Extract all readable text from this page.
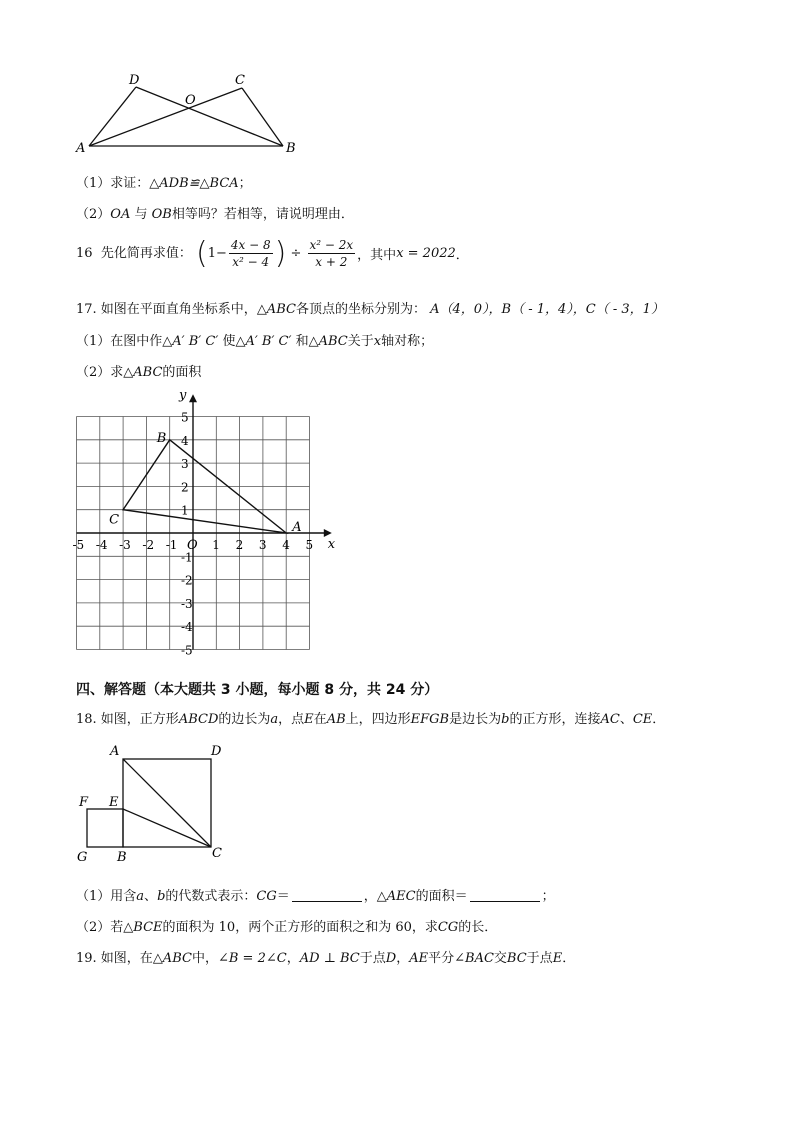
D	C
O
A	B
（1）求证：△ADB≌△BCA；
（2）OA 与 OB相等吗？若相等，请说明理由．
16 先化简再求值： ($1- \frac{4x - 8}{\text{x² − 4}}$ ) ÷ $\frac{\text{x² − 2x}}{x + 2}$ ，其中x = 2022．
17. 如图在平面直角坐标系中，△ABC各顶点的坐标分别为： A（4，0），B（ - 1，4），C（ - 3，1）
（1）在图中作△A′ B′ C′ 使△A′ B′ C′ 和△ABC关于x轴对称；
（2）求△ABC的面积
x
y
O
-5 -4 -3 -2 -1	1 2 3 4 5
5
4
3
2
1
-1
-2
-3
-4
-5
A
B
C
四、解答题（本大题共 3 小题，每小题 8 分，共 24 分）
18. 如图，正方形ABCD的边长为a，点E在AB上，四边形EFGB是边长为b的正方形，连接AC、CE．
A	D
F E
G B	C
（1）用含a、b的代数式表示：CG＝	，△AEC的面积＝	；
（2）若△BCE的面积为 10，两个正方形的面积之和为 60，求CG的长．
19. 如图，在△ABC中，∠B = 2∠C，AD ⊥ BC于点D，AE平分∠BAC交BC于点E．
